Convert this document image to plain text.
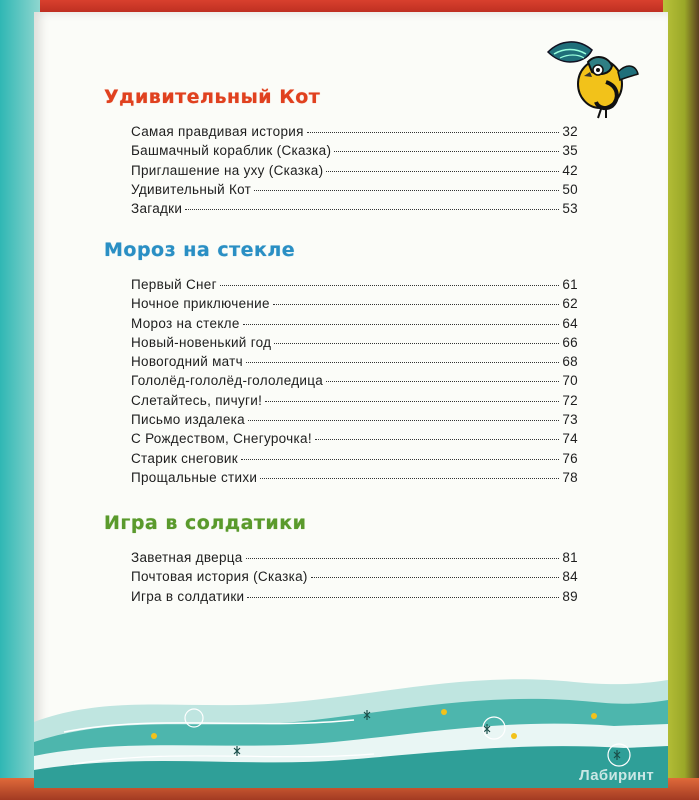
Удивительный Кот
Самая правдивая история	32
Башмачный кораблик (Сказка)	35
Приглашение на уху (Сказка)	42
Удивительный Кот	50
Загадки	53
Мороз на стекле
Первый Снег	61
Ночное приключение	62
Мороз на стекле	64
Новый-новенький год	66
Новогодний матч	68
Гололёд-гололёд-гололедица	70
Слетайтесь, пичуги!	72
Письмо издалека	73
С Рождеством, Снегурочка!	74
Старик снеговик	76
Прощальные стихи	78
Игра в солдатики
Заветная дверца	81
Почтовая история (Сказка)	84
Игра в солдатики	89
Лабиринт
